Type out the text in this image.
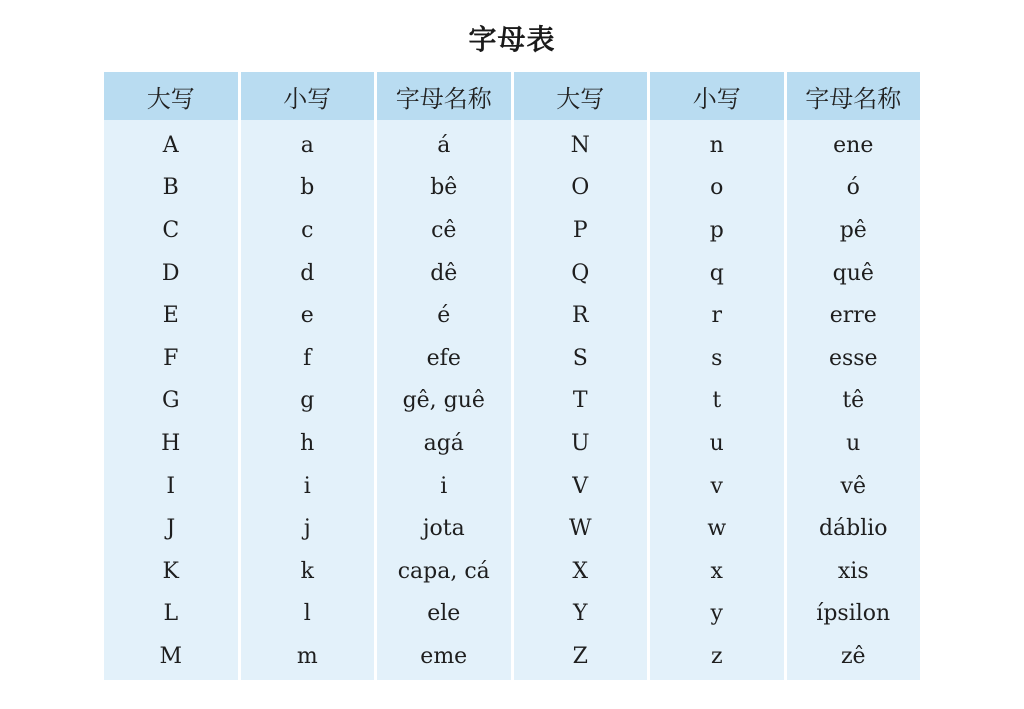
字母表
大写	小写	字母名称	大写	小写	字母名称
A	a	á	N	n	ene
B	b	bê	O	o	ó
C	c	cê	P	p	pê
D	d	dê	Q	q	quê
E	e	é	R	r	erre
F	f	efe	S	s	esse
G	g	gê, guê	T	t	tê
H	h	agá	U	u	u
I	i	i	V	v	vê
J	j	jota	W	w	dáblio
K	k	capa, cá	X	x	xis
L	l	ele	Y	y	ípsilon
M	m	eme	Z	z	zê
